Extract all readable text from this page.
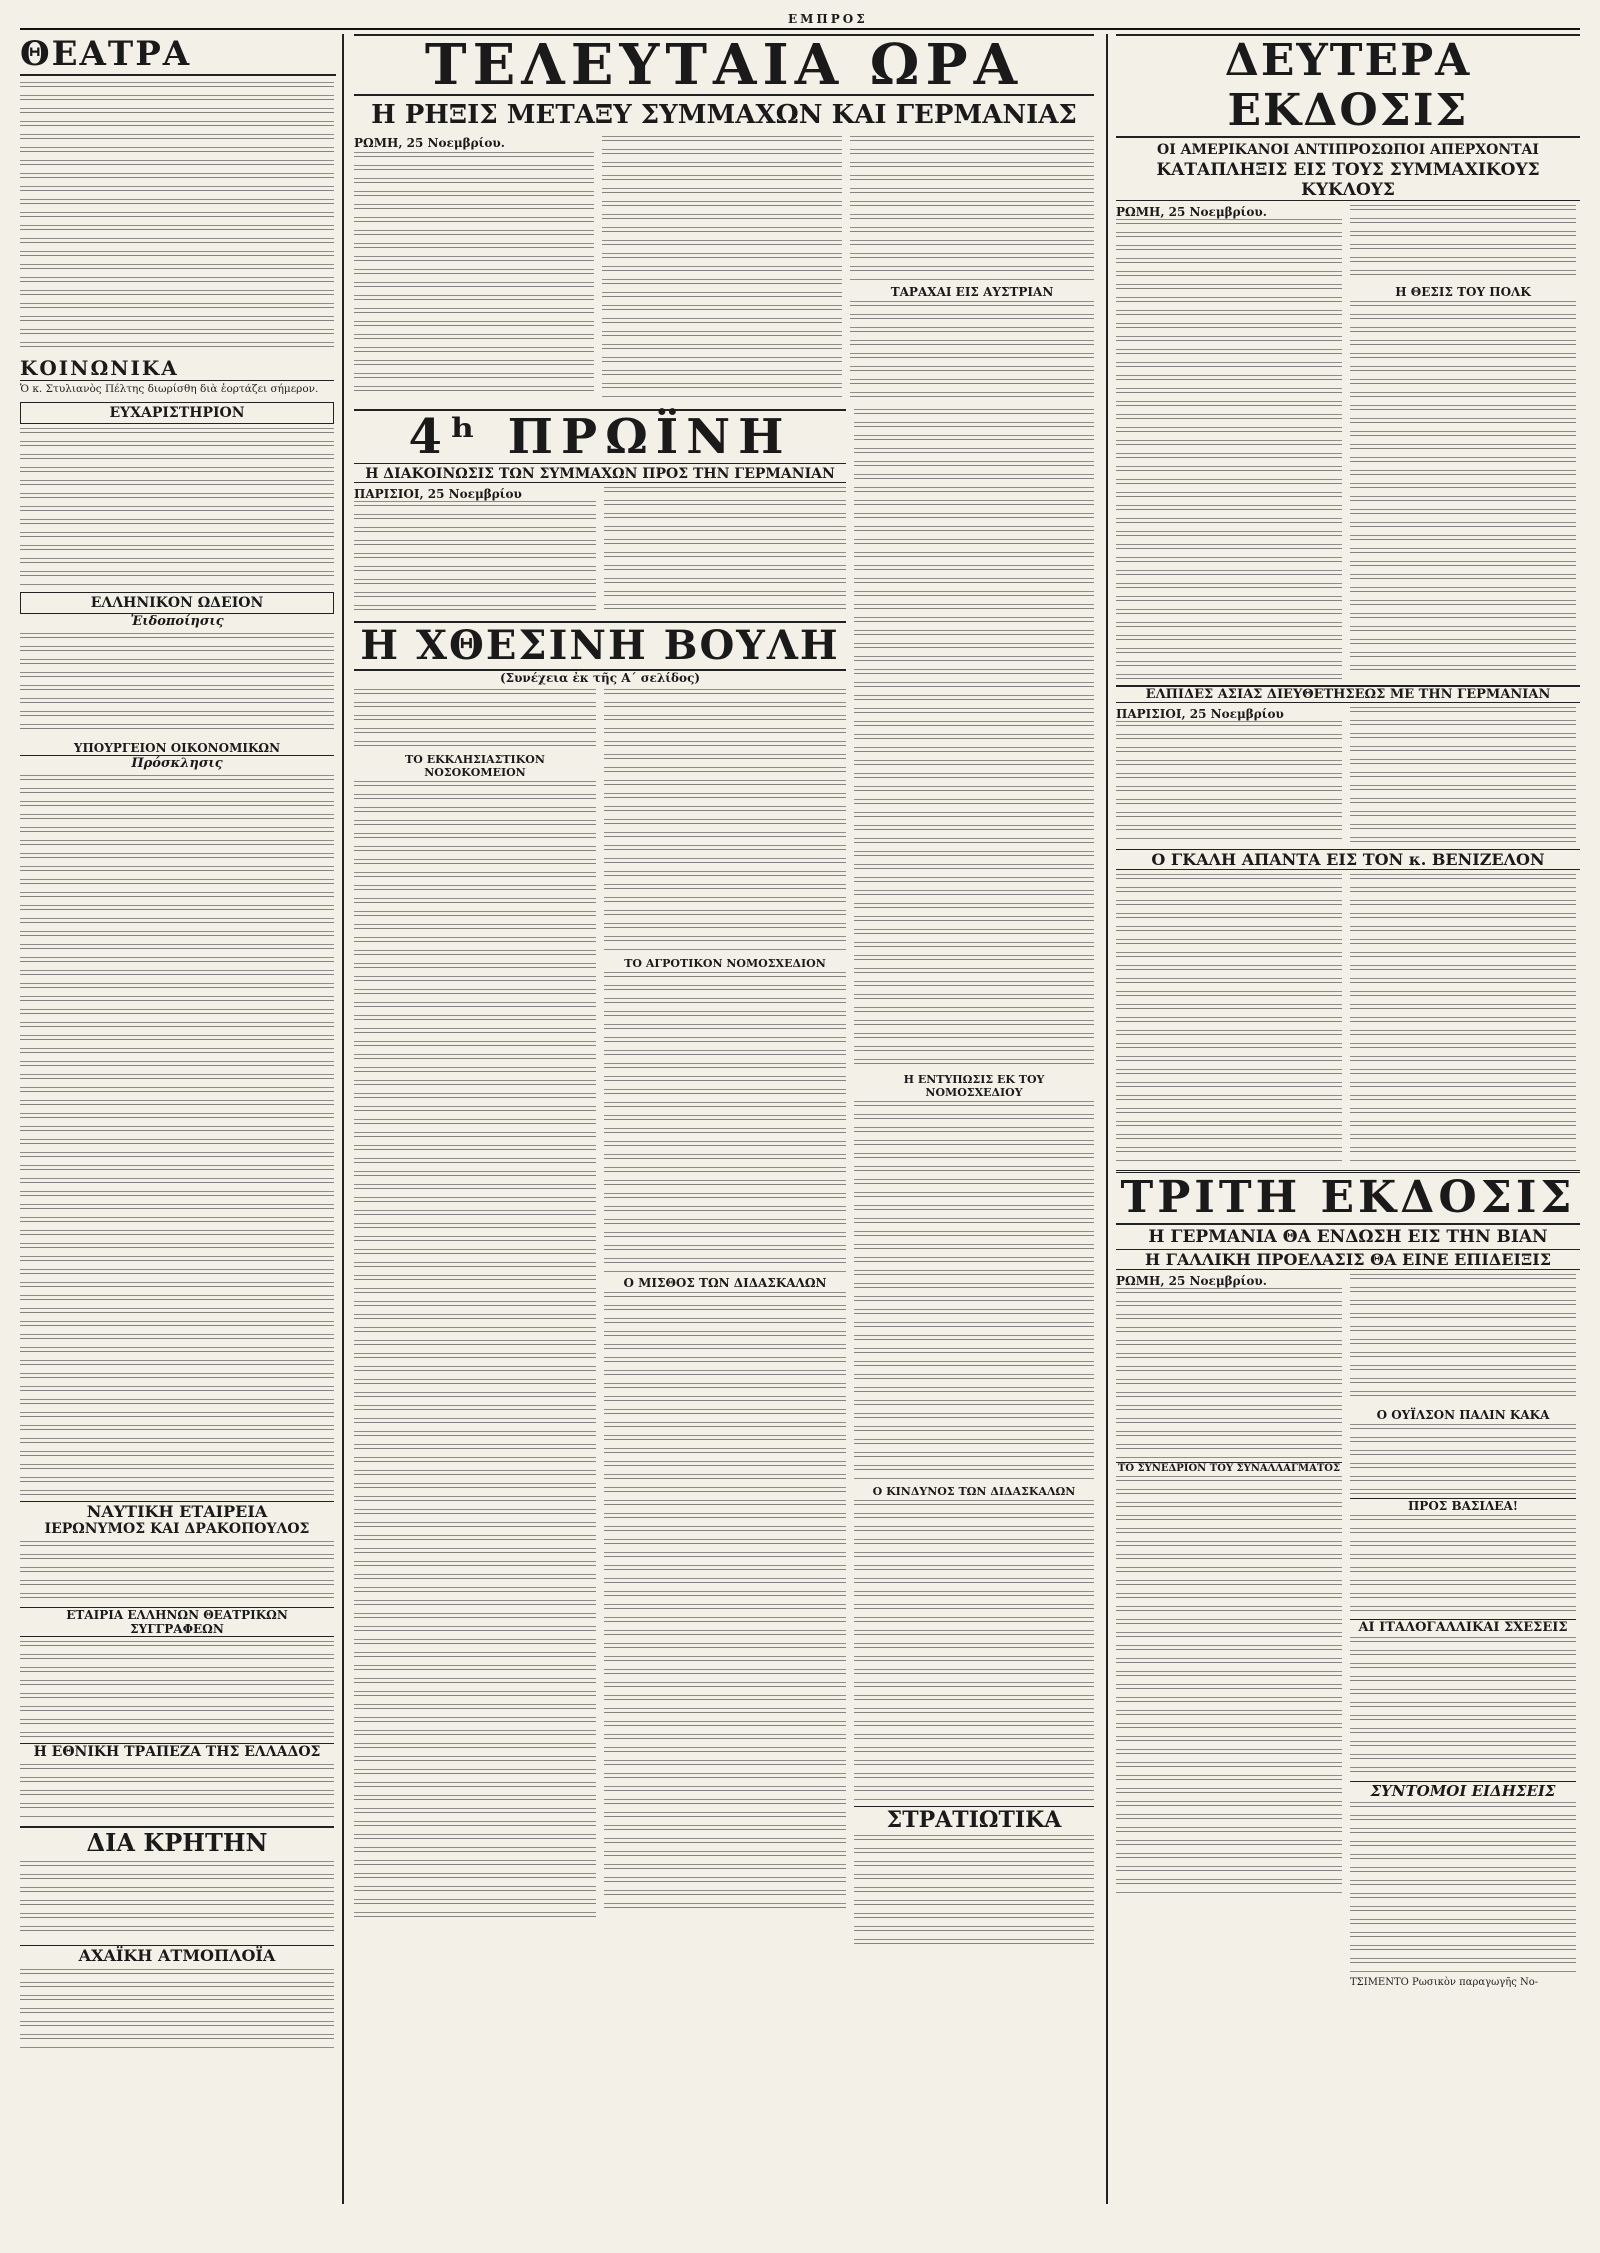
ΕΜΠΡΟΣ
ΘΕΑΤΡΑ
ΚΟΙΝΩΝΙΚΑ
Ὁ κ. Στυλιανὸς Πέλτης διωρίσθη διὰ ἑορτάζει σήμερον.
ΕΥΧΑΡΙΣΤΗΡΙΟΝ
ΕΛΛΗΝΙΚΟΝ ΩΔΕΙΟΝ
Ἐιδοποίησις
ΥΠΟΥΡΓΕΙΟΝ ΟΙΚΟΝΟΜΙΚΩΝ
Πρόσκλησις
ΝΑΥΤΙΚΗ ΕΤΑΙΡΕΙΑ
ΙΕΡΩΝΥΜΟΣ ΚΑΙ ΔΡΑΚΟΠΟΥΛΟΣ
ΕΤΑΙΡΙΑ ΕΛΛΗΝΩΝ ΘΕΑΤΡΙΚΩΝ ΣΥΓΓΡΑΦΕΩΝ
Η ΕΘΝΙΚΗ ΤΡΑΠΕΖΑ ΤΗΣ ΕΛΛΑΔΟΣ
ΔΙΑ ΚΡΗΤΗΝ
ΑΧΑΪΚΗ ΑΤΜΟΠΛΟΪΑ
ΤΕΛΕΥΤΑΙΑ ΩΡΑ
Η ΡΗΞΙΣ ΜΕΤΑΞΥ ΣΥΜΜΑΧΩΝ ΚΑΙ ΓΕΡΜΑΝΙΑΣ
ΡΩΜΗ, 25 Νοεμβρίου.
ΤΑΡΑΧΑΙ ΕΙΣ ΑΥΣΤΡΙΑΝ
4ʰ ΠΡΩΪΝΗ
Η ΔΙΑΚΟΙΝΩΣΙΣ ΤΩΝ ΣΥΜΜΑΧΩΝ ΠΡΟΣ ΤΗΝ ΓΕΡΜΑΝΙΑΝ
ΠΑΡΙΣΙΟΙ, 25 Νοεμβρίου
Η ΧΘΕΣΙΝΗ ΒΟΥΛΗ
(Συνέχεια ἐκ τῆς Α΄ σελίδος)
ΤΟ ΕΚΚΛΗΣΙΑΣΤΙΚΟΝ ΝΟΣΟΚΟΜΕΙΟΝ
ΤΟ ΑΓΡΟΤΙΚΟΝ ΝΟΜΟΣΧΕΔΙΟΝ
Ο ΜΙΣΘΟΣ ΤΩΝ ΔΙΔΑΣΚΑΛΩΝ
Η ΕΝΤΥΠΩΣΙΣ ΕΚ ΤΟΥ ΝΟΜΟΣΧΕΔΙΟΥ
Ο ΚΙΝΔΥΝΟΣ ΤΩΝ ΔΙΔΑΣΚΑΛΩΝ
ΣΤΡΑΤΙΩΤΙΚΑ
ΔΕΥΤΕΡΑ ΕΚΔΟΣΙΣ
ΟΙ ΑΜΕΡΙΚΑΝΟΙ ΑΝΤΙΠΡΟΣΩΠΟΙ ΑΠΕΡΧΟΝΤΑΙ
ΚΑΤΑΠΛΗΞΙΣ ΕΙΣ ΤΟΥΣ ΣΥΜΜΑΧΙΚΟΥΣ ΚΥΚΛΟΥΣ
ΡΩΜΗ, 25 Νοεμβρίου.
Η ΘΕΣΙΣ ΤΟΥ ΠΟΛΚ
ΕΛΠΙΔΕΣ ΑΣΙΑΣ ΔΙΕΥΘΕΤΗΣΕΩΣ ΜΕ ΤΗΝ ΓΕΡΜΑΝΙΑΝ
ΠΑΡΙΣΙΟΙ, 25 Νοεμβρίου
Ο ΓΚΑΛΗ ΑΠΑΝΤΑ ΕΙΣ ΤΟΝ κ. ΒΕΝΙΖΕΛΟΝ
ΤΡΙΤΗ ΕΚΔΟΣΙΣ
Η ΓΕΡΜΑΝΙΑ ΘΑ ΕΝΔΩΣΗ ΕΙΣ ΤΗΝ ΒΙΑΝ
Η ΓΑΛΛΙΚΗ ΠΡΟΕΛΑΣΙΣ ΘΑ ΕΙΝΕ ΕΠΙΔΕΙΞΙΣ
ΡΩΜΗ, 25 Νοεμβρίου.
ΤΟ ΣΥΝΕΔΡΙΟΝ ΤΟΥ ΣΥΝΑΛΛΑΓΜΑΤΟΣ
Ο ΟΥΪΛΣΟΝ ΠΑΛΙΝ ΚΑΚΑ
ΠΡΟΣ ΒΑΣΙΛΕΑ!
ΑΙ ΙΤΑΛΟΓΑΛΛΙΚΑΙ ΣΧΕΣΕΙΣ
ΣΥΝΤΟΜΟΙ ΕΙΔΗΣΕΙΣ
ΤΣΙΜΕΝΤΟ Ρωσικὸν παραγωγῆς Νο-
